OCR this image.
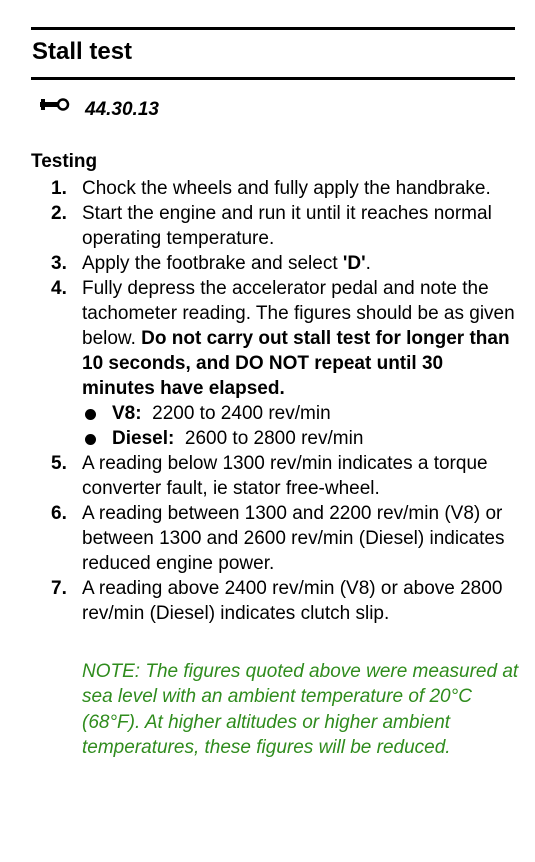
Stall test
44.30.13
Testing
1. Chock the wheels and fully apply the handbrake.
2. Start the engine and run it until it reaches normal operating temperature.
3. Apply the footbrake and select 'D'.
4. Fully depress the accelerator pedal and note the tachometer reading. The figures should be as given below. Do not carry out stall test for longer than 10 seconds, and DO NOT repeat until 30 minutes have elapsed.
V8: 2200 to 2400 rev/min
Diesel: 2600 to 2800 rev/min
5. A reading below 1300 rev/min indicates a torque converter fault, ie stator free-wheel.
6. A reading between 1300 and 2200 rev/min (V8) or between 1300 and 2600 rev/min (Diesel) indicates reduced engine power.
7. A reading above 2400 rev/min (V8) or above 2800 rev/min (Diesel) indicates clutch slip.
NOTE: The figures quoted above were measured at sea level with an ambient temperature of 20°C (68°F). At higher altitudes or higher ambient temperatures, these figures will be reduced.
